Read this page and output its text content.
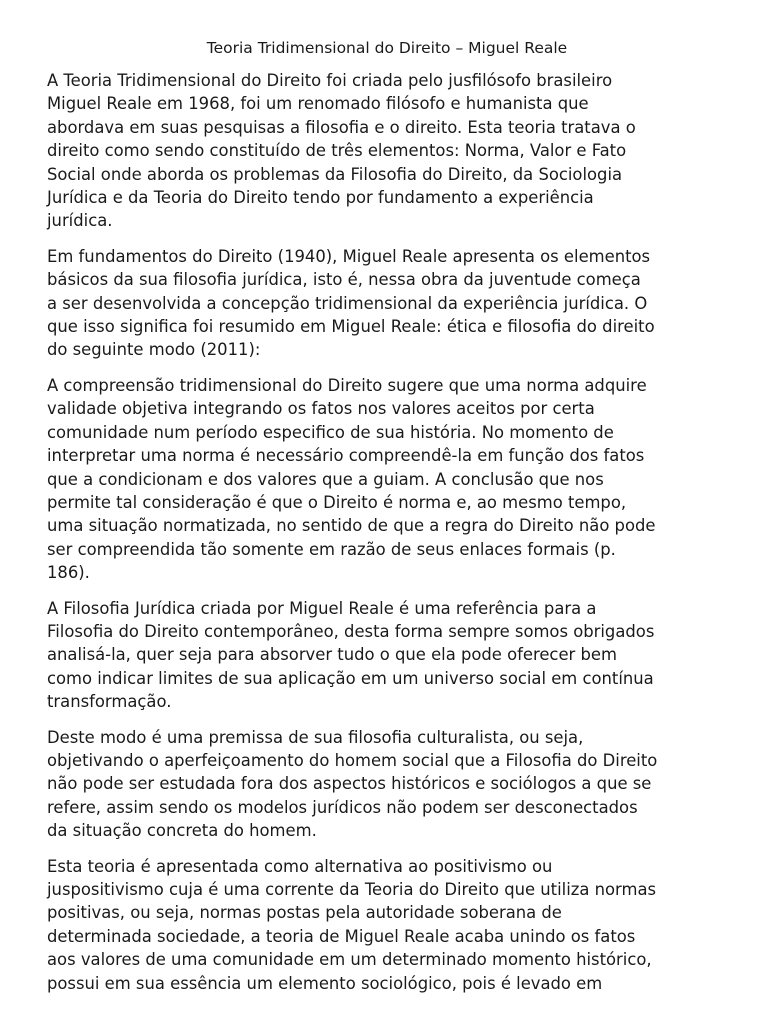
Teoria Tridimensional do Direito – Miguel Reale

A Teoria Tridimensional do Direito foi criada pelo jusfilósofo brasileiro
Miguel Reale em 1968, foi um renomado filósofo e humanista que
abordava em suas pesquisas a filosofia e o direito. Esta teoria tratava o
direito como sendo constituído de três elementos: Norma, Valor e Fato
Social onde aborda os problemas da Filosofia do Direito, da Sociologia
Jurídica e da Teoria do Direito tendo por fundamento a experiência
jurídica.

Em fundamentos do Direito (1940), Miguel Reale apresenta os elementos
básicos da sua filosofia jurídica, isto é, nessa obra da juventude começa
a ser desenvolvida a concepção tridimensional da experiência jurídica. O
que isso significa foi resumido em Miguel Reale: ética e filosofia do direito
do seguinte modo (2011):

A compreensão tridimensional do Direito sugere que uma norma adquire
validade objetiva integrando os fatos nos valores aceitos por certa
comunidade num período especifico de sua história. No momento de
interpretar uma norma é necessário compreendê-la em função dos fatos
que a condicionam e dos valores que a guiam. A conclusão que nos
permite tal consideração é que o Direito é norma e, ao mesmo tempo,
uma situação normatizada, no sentido de que a regra do Direito não pode
ser compreendida tão somente em razão de seus enlaces formais (p.
186).

A Filosofia Jurídica criada por Miguel Reale é uma referência para a
Filosofia do Direito contemporâneo, desta forma sempre somos obrigados
analisá-la, quer seja para absorver tudo o que ela pode oferecer bem
como indicar limites de sua aplicação em um universo social em contínua
transformação.

Deste modo é uma premissa de sua filosofia culturalista, ou seja,
objetivando o aperfeiçoamento do homem social que a Filosofia do Direito
não pode ser estudada fora dos aspectos históricos e sociólogos a que se
refere, assim sendo os modelos jurídicos não podem ser desconectados
da situação concreta do homem.

Esta teoria é apresentada como alternativa ao positivismo ou
juspositivismo cuja é uma corrente da Teoria do Direito que utiliza normas
positivas, ou seja, normas postas pela autoridade soberana de
determinada sociedade, a teoria de Miguel Reale acaba unindo os fatos
aos valores de uma comunidade em um determinado momento histórico,
possui em sua essência um elemento sociológico, pois é levado em
